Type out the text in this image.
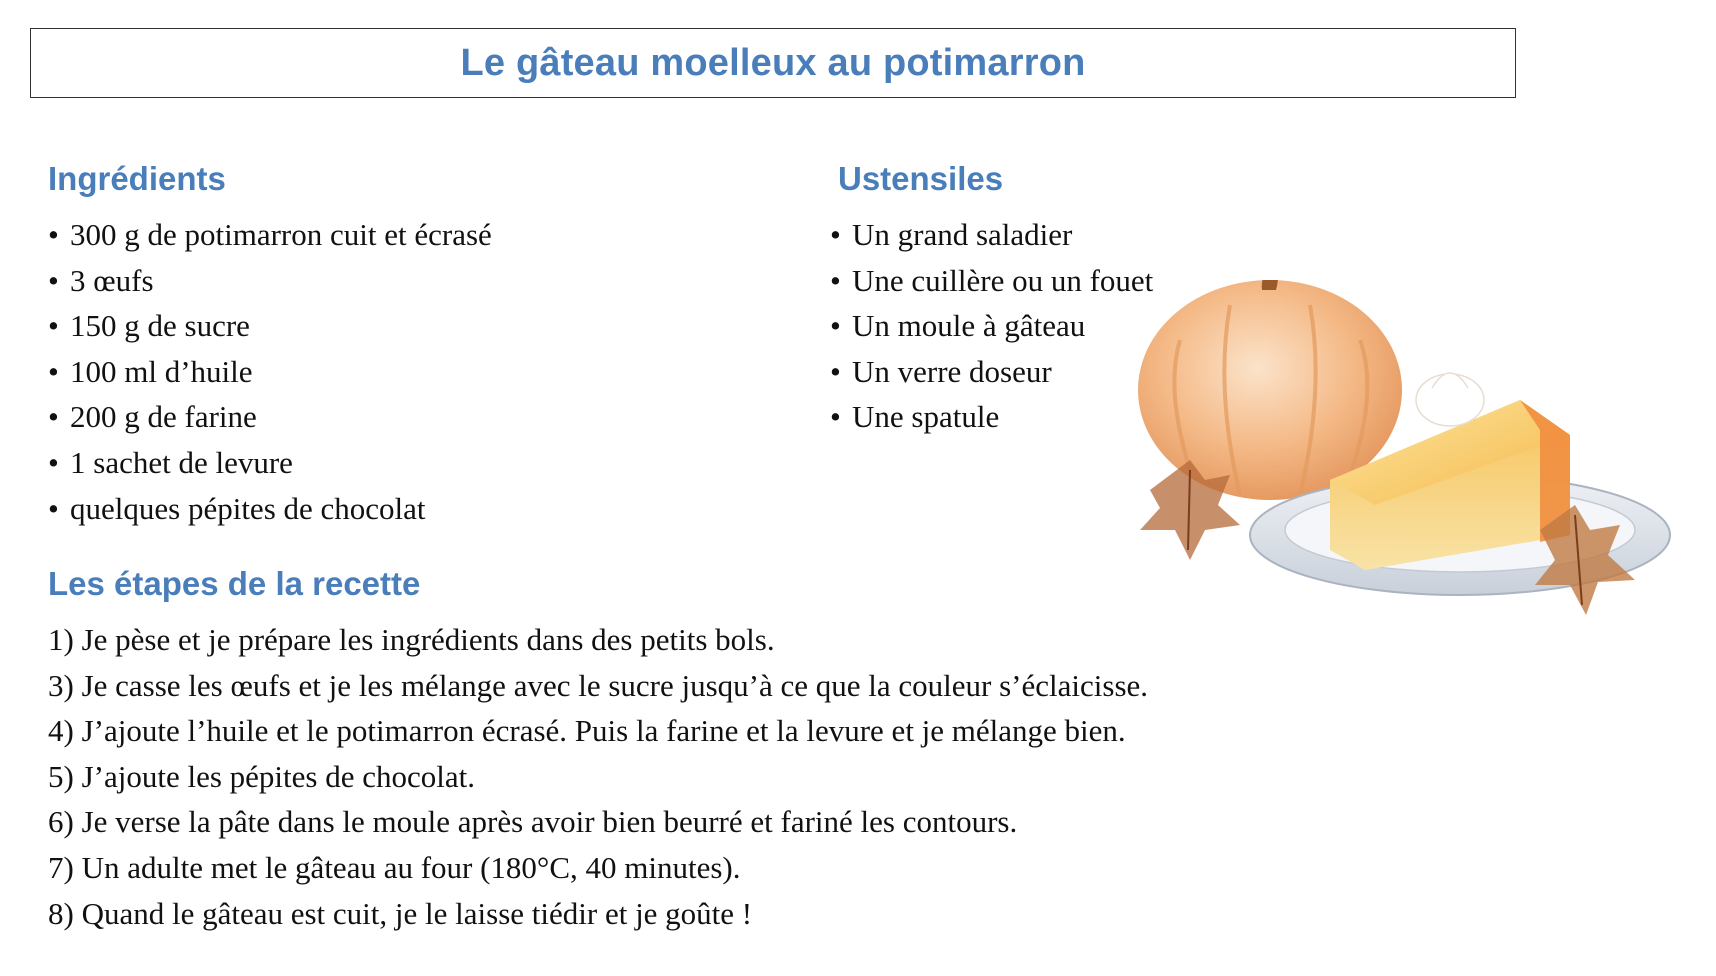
Le gâteau moelleux au potimarron
Ingrédients
• 300 g de potimarron cuit et écrasé
• 3 œufs
• 150 g de sucre
• 100 ml d’huile
• 200 g de farine
• 1 sachet de levure
• quelques pépites de chocolat
Ustensiles
• Un grand saladier
• Une cuillère ou un fouet
• Un moule à gâteau
• Un verre doseur
• Une spatule
Les étapes de la recette
1) Je pèse et je prépare les ingrédients dans des petits bols.
3) Je casse les œufs et je les mélange avec le sucre jusqu’à ce que la couleur s’éclaicisse.
4) J’ajoute l’huile et le potimarron écrasé. Puis la farine et la levure et je mélange bien.
5) J’ajoute les pépites de chocolat.
6) Je verse la pâte dans le moule après avoir bien beurré et fariné les contours.
7) Un adulte met le gâteau au four (180°C, 40 minutes).
8) Quand le gâteau est cuit, je le laisse tiédir et je goûte !
